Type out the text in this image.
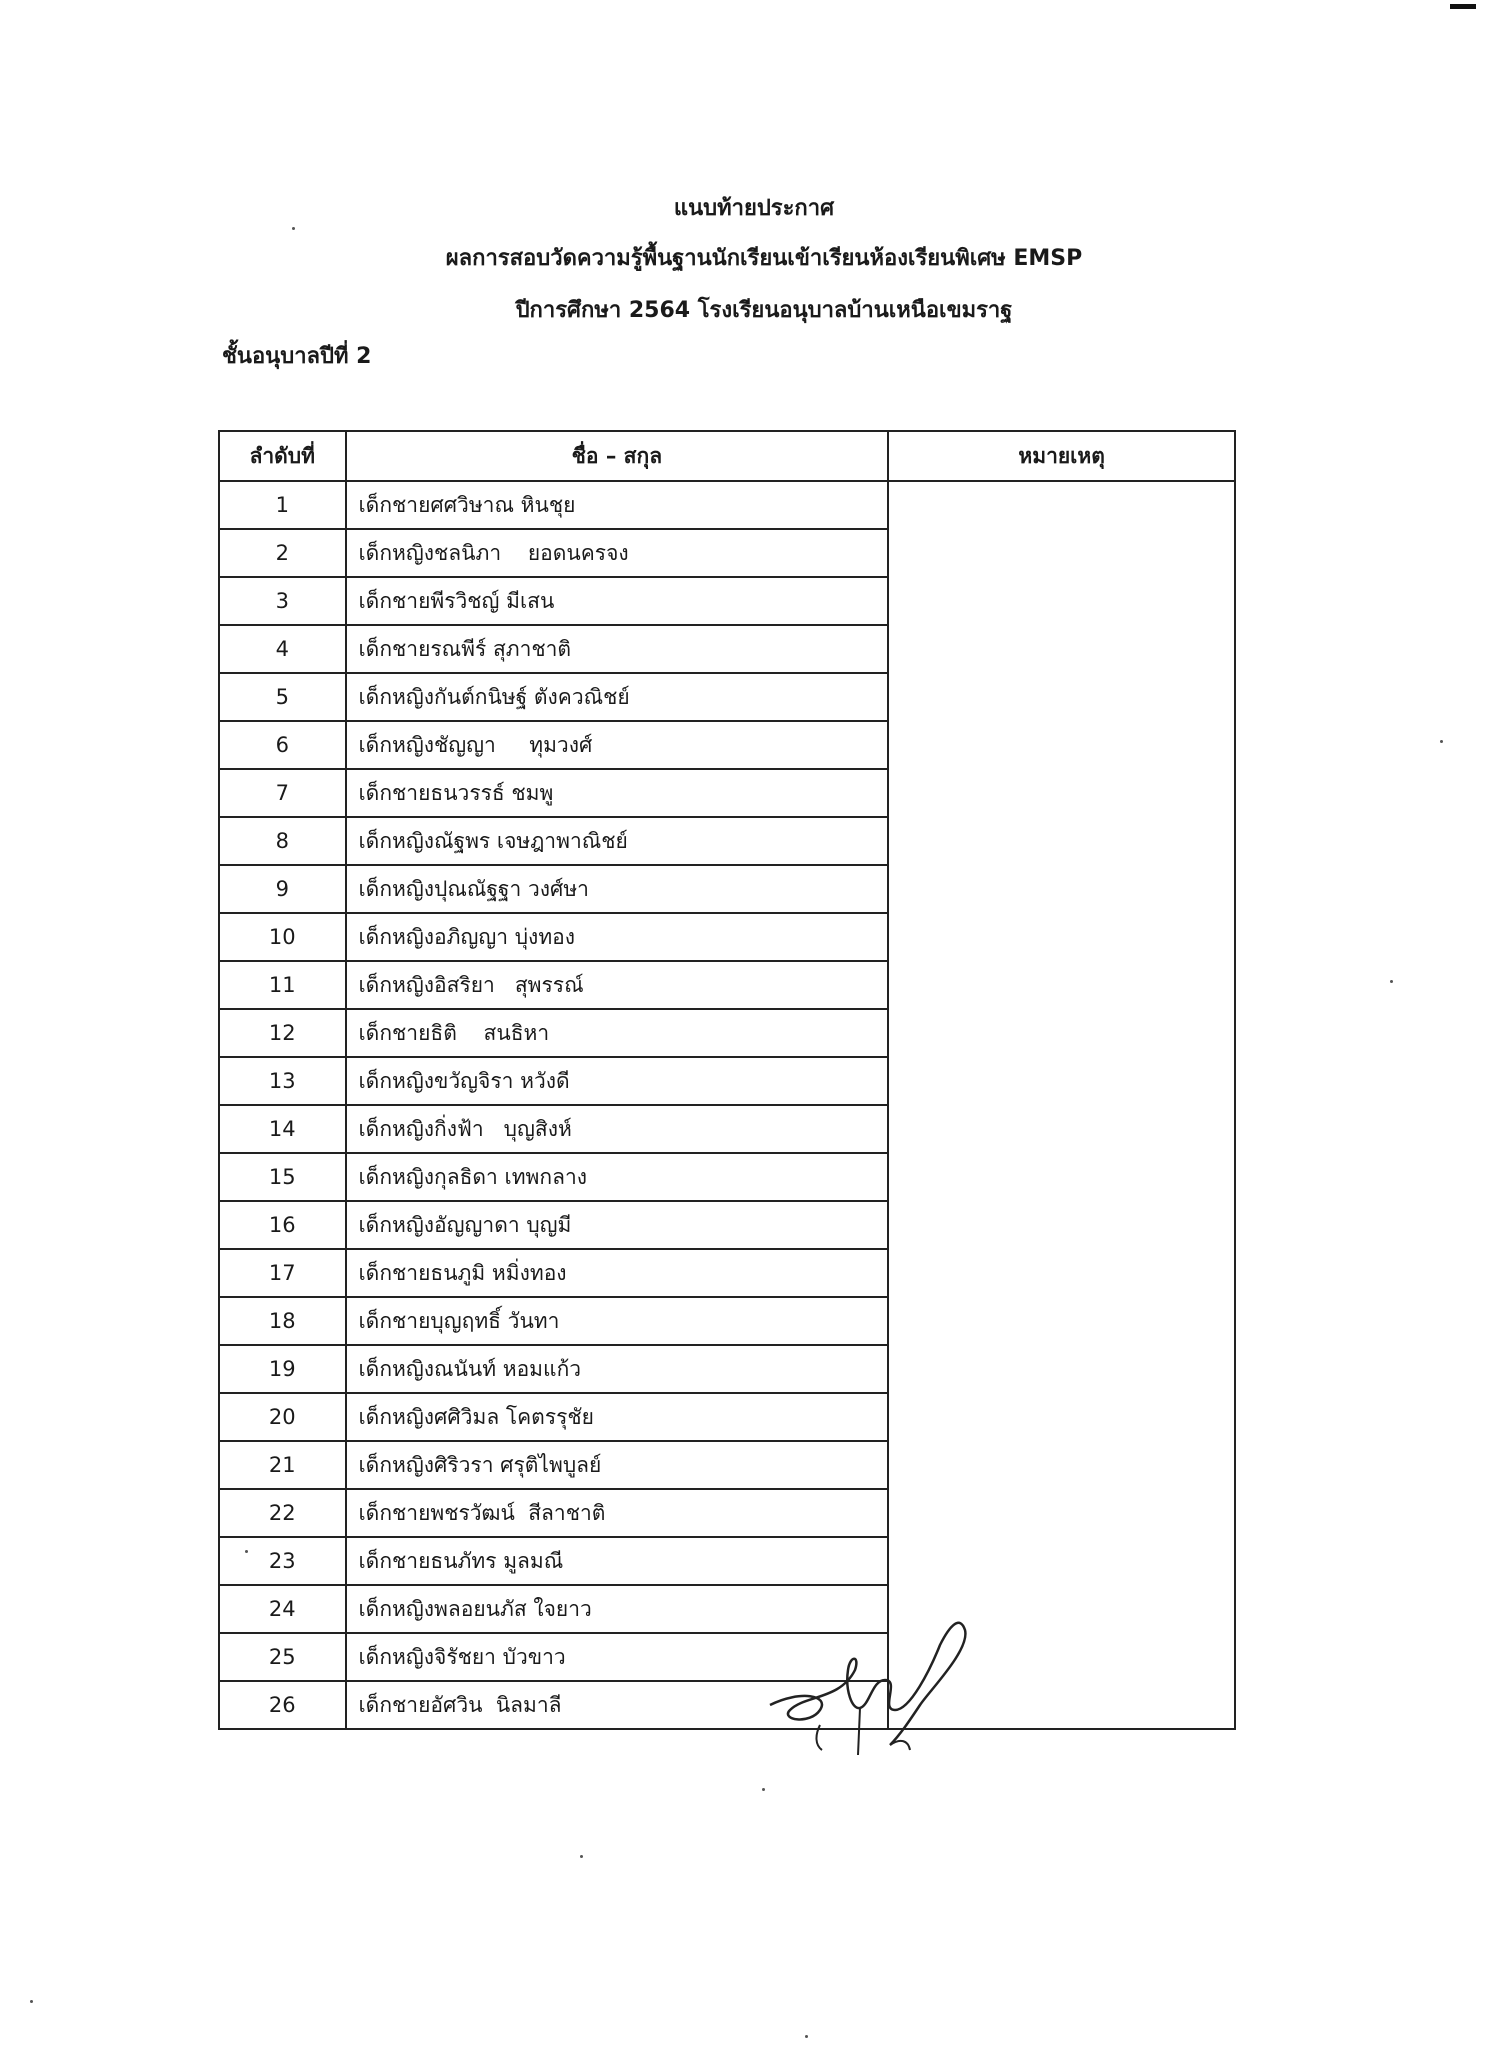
แนบท้ายประกาศ
ผลการสอบวัดความรู้พื้นฐานนักเรียนเข้าเรียนห้องเรียนพิเศษ EMSP
ปีการศึกษา 2564 โรงเรียนอนุบาลบ้านเหนือเขมราฐ
ชั้นอนุบาลปีที่ 2
ลำดับที่	ชื่อ – สกุล	หมายเหตุ
1	เด็กชายศศวิษาณ หินชุย	
2	เด็กหญิงชลนิภา    ยอดนครจง	
3	เด็กชายพีรวิชญ์ มีเสน	
4	เด็กชายรณพีร์ สุภาชาติ	
5	เด็กหญิงกันต์กนิษฐ์ ตังควณิชย์	
6	เด็กหญิงชัญญา     ทุมวงศ์	
7	เด็กชายธนวรรธ์ ชมพู	
8	เด็กหญิงณัฐพร เจษฎาพาณิชย์	
9	เด็กหญิงปุณณัฐฐา วงศ์ษา	
10	เด็กหญิงอภิญญา บุ่งทอง	
11	เด็กหญิงอิสริยา   สุพรรณ์	
12	เด็กชายธิติ    สนธิหา	
13	เด็กหญิงขวัญจิรา หวังดี	
14	เด็กหญิงกิ่งฟ้า   บุญสิงห์	
15	เด็กหญิงกุลธิดา เทพกลาง	
16	เด็กหญิงอัญญาดา บุญมี	
17	เด็กชายธนภูมิ หมิ่งทอง	
18	เด็กชายบุญฤทธิ์ วันทา	
19	เด็กหญิงณนันท์ หอมแก้ว	
20	เด็กหญิงศศิวิมล โคตรรุชัย	
21	เด็กหญิงศิริวรา ศรุติไพบูลย์	
22	เด็กชายพชรวัฒน์  สีลาชาติ	
23	เด็กชายธนภัทร มูลมณี	
24	เด็กหญิงพลอยนภัส ใจยาว	
25	เด็กหญิงจิรัชยา บัวขาว	
26	เด็กชายอัศวิน  นิลมาลี	
